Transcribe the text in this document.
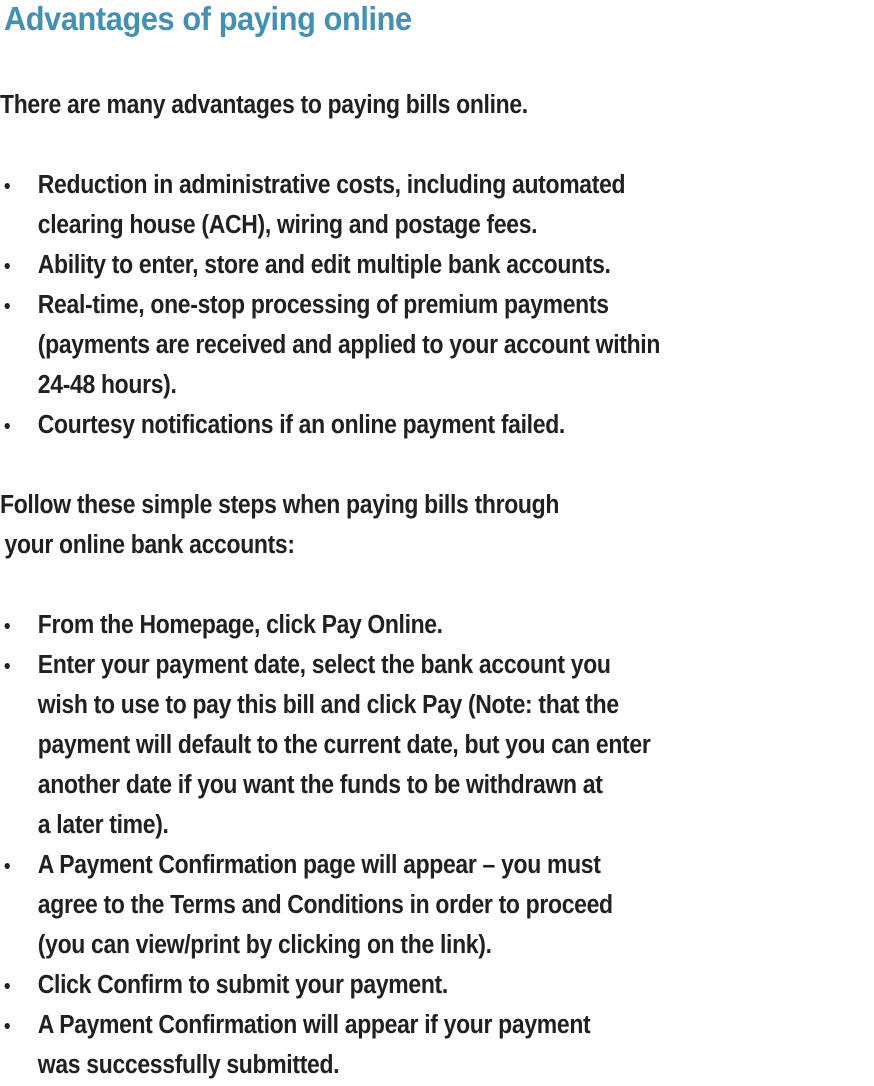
Advantages of paying online

There are many advantages to paying bills online.

Reduction in administrative costs, including automated
clearing house (ACH), wiring and postage fees.
Ability to enter, store and edit multiple bank accounts.
Real-time, one-stop processing of premium payments
(payments are received and applied to your account within
24-48 hours).
Courtesy notifications if an online payment failed.

Follow these simple steps when paying bills through
your online bank accounts:

From the Homepage, click Pay Online.
Enter your payment date, select the bank account you
wish to use to pay this bill and click Pay (Note: that the
payment will default to the current date, but you can enter
another date if you want the funds to be withdrawn at
a later time).
A Payment Confirmation page will appear – you must
agree to the Terms and Conditions in order to proceed
(you can view/print by clicking on the link).
Click Confirm to submit your payment.
A Payment Confirmation will appear if your payment
was successfully submitted.
